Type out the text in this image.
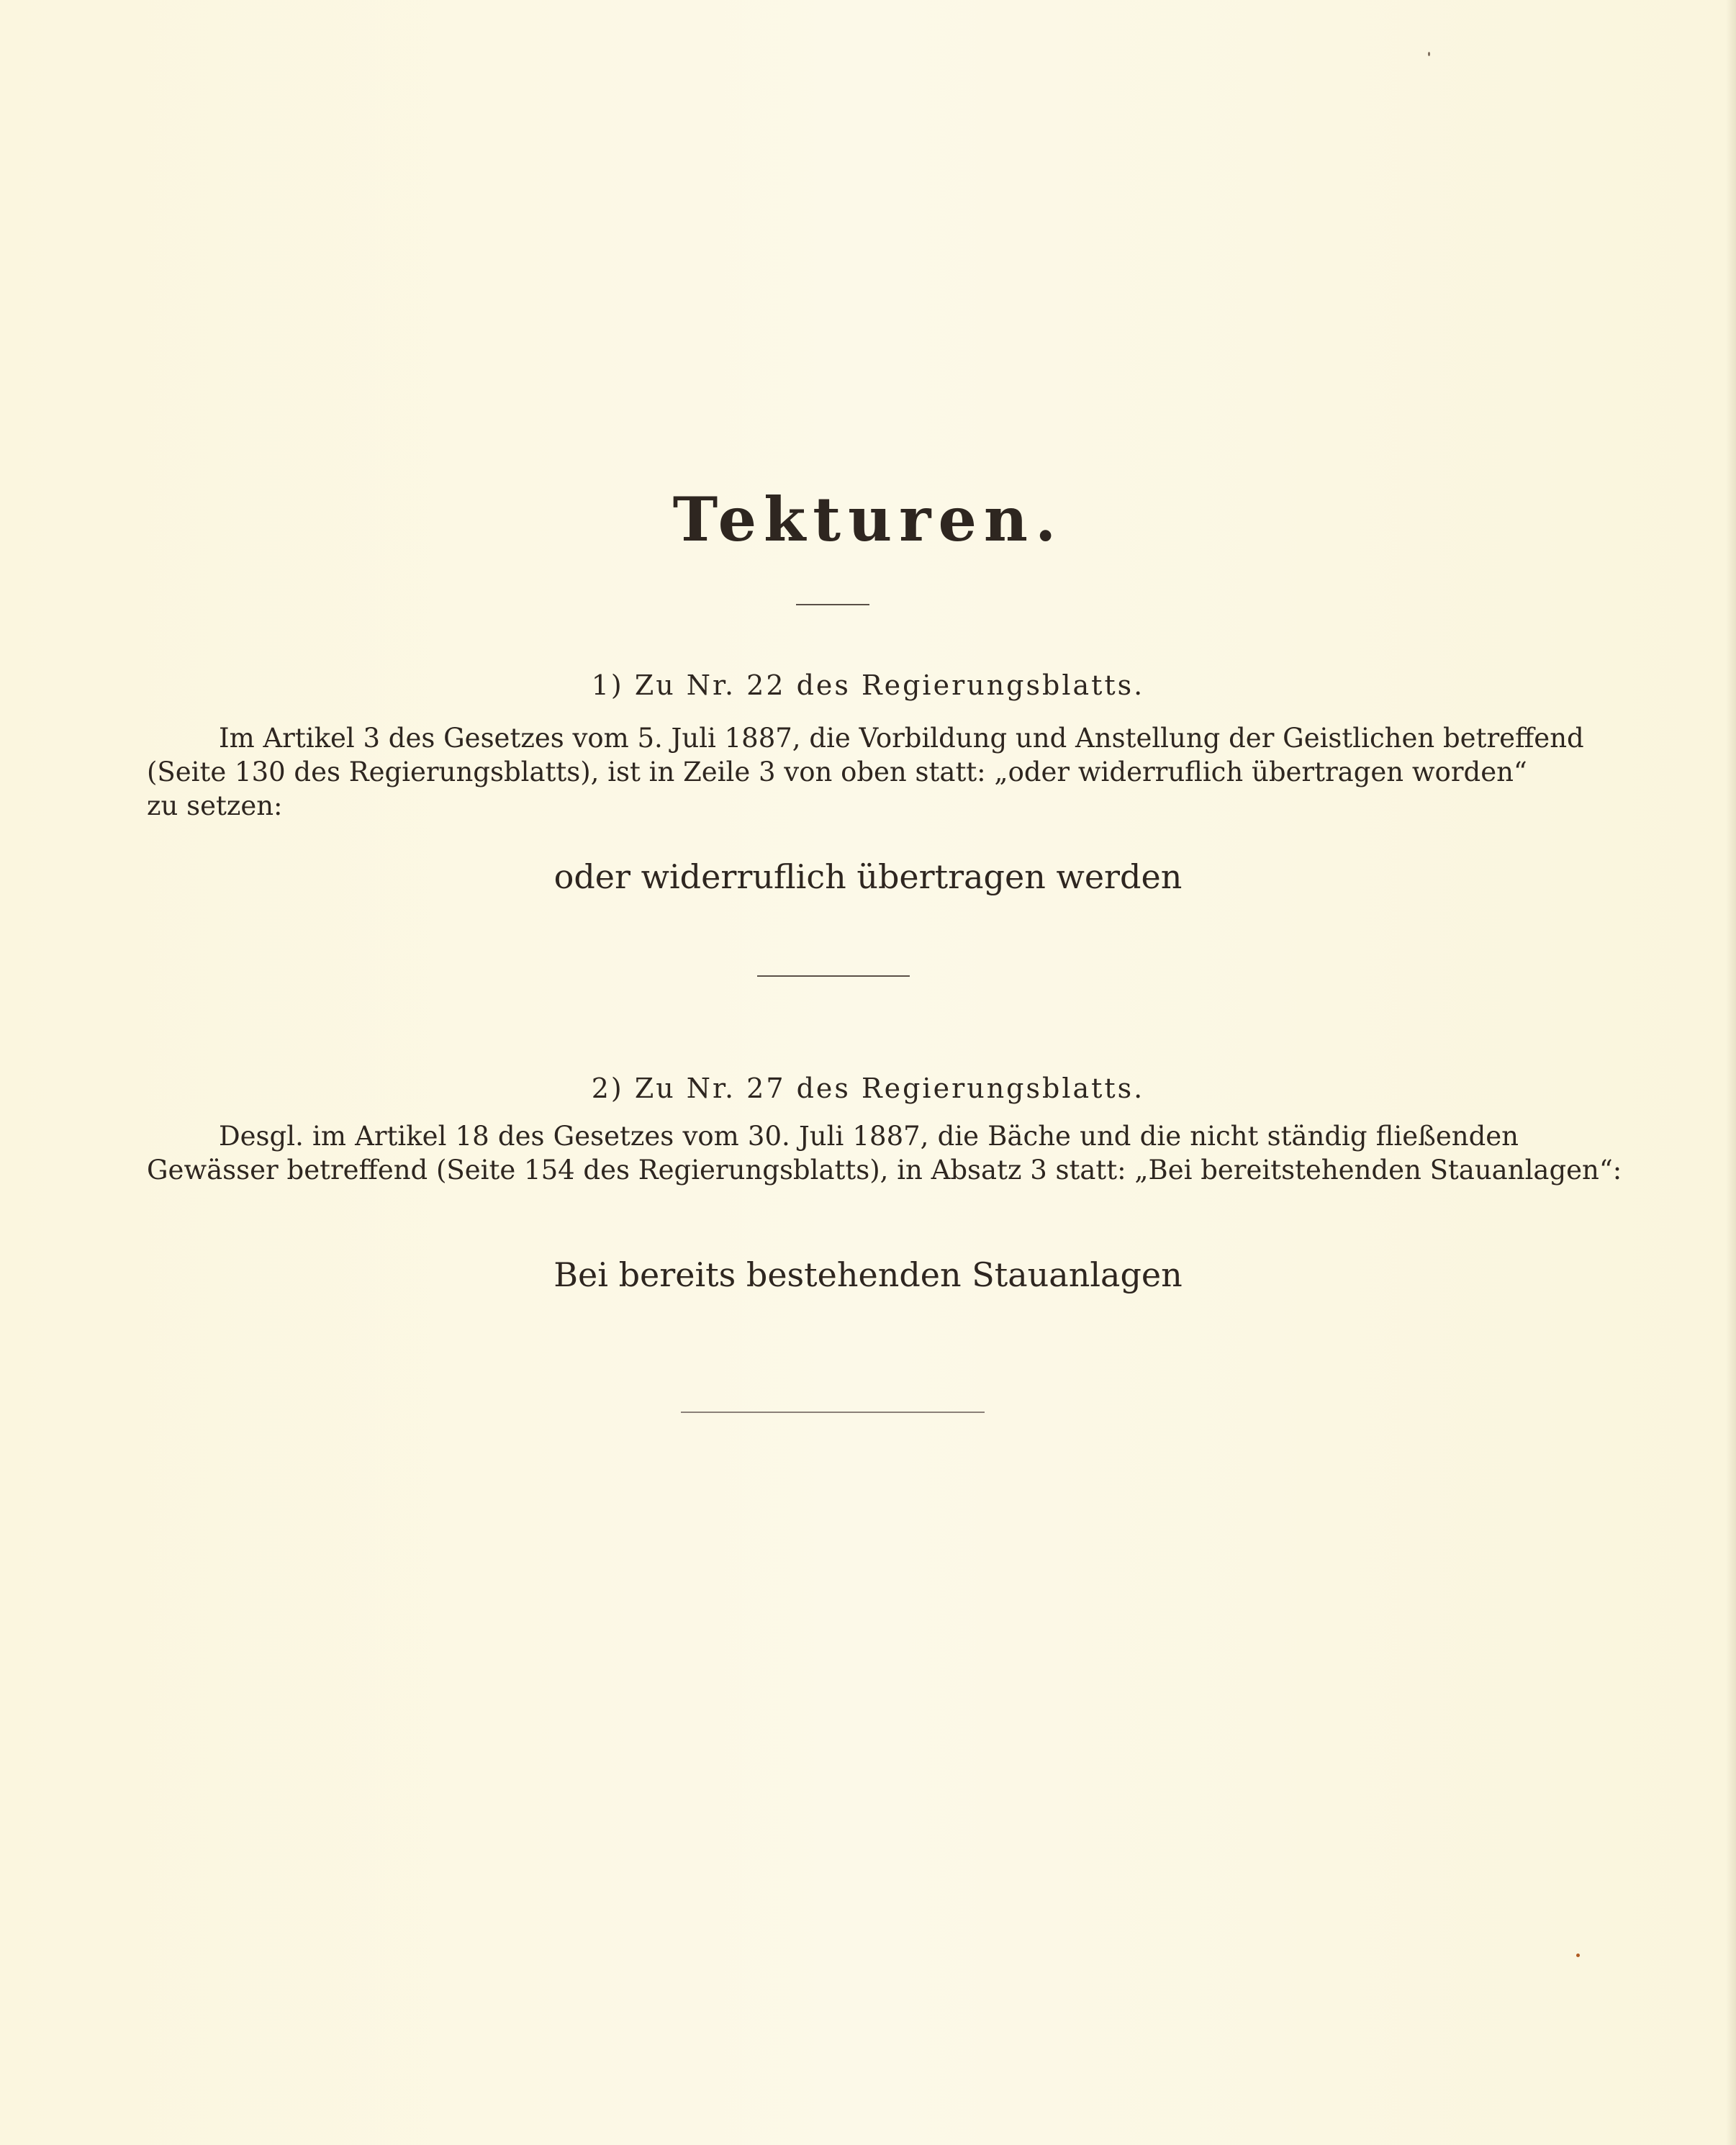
Tekturen.
1) Zu Nr. 22 des Regierungsblatts.
Im Artikel 3 des Gesetzes vom 5. Juli 1887, die Vorbildung und Anstellung der Geistlichen betreffend
(Seite 130 des Regierungsblatts), ist in Zeile 3 von oben statt: „oder widerruflich übertragen worden“
zu setzen:
oder widerruflich übertragen werden
2) Zu Nr. 27 des Regierungsblatts.
Desgl. im Artikel 18 des Gesetzes vom 30. Juli 1887, die Bäche und die nicht ständig fließenden
Gewässer betreffend (Seite 154 des Regierungsblatts), in Absatz 3 statt: „Bei bereitstehenden Stauanlagen“:
Bei bereits bestehenden Stauanlagen
